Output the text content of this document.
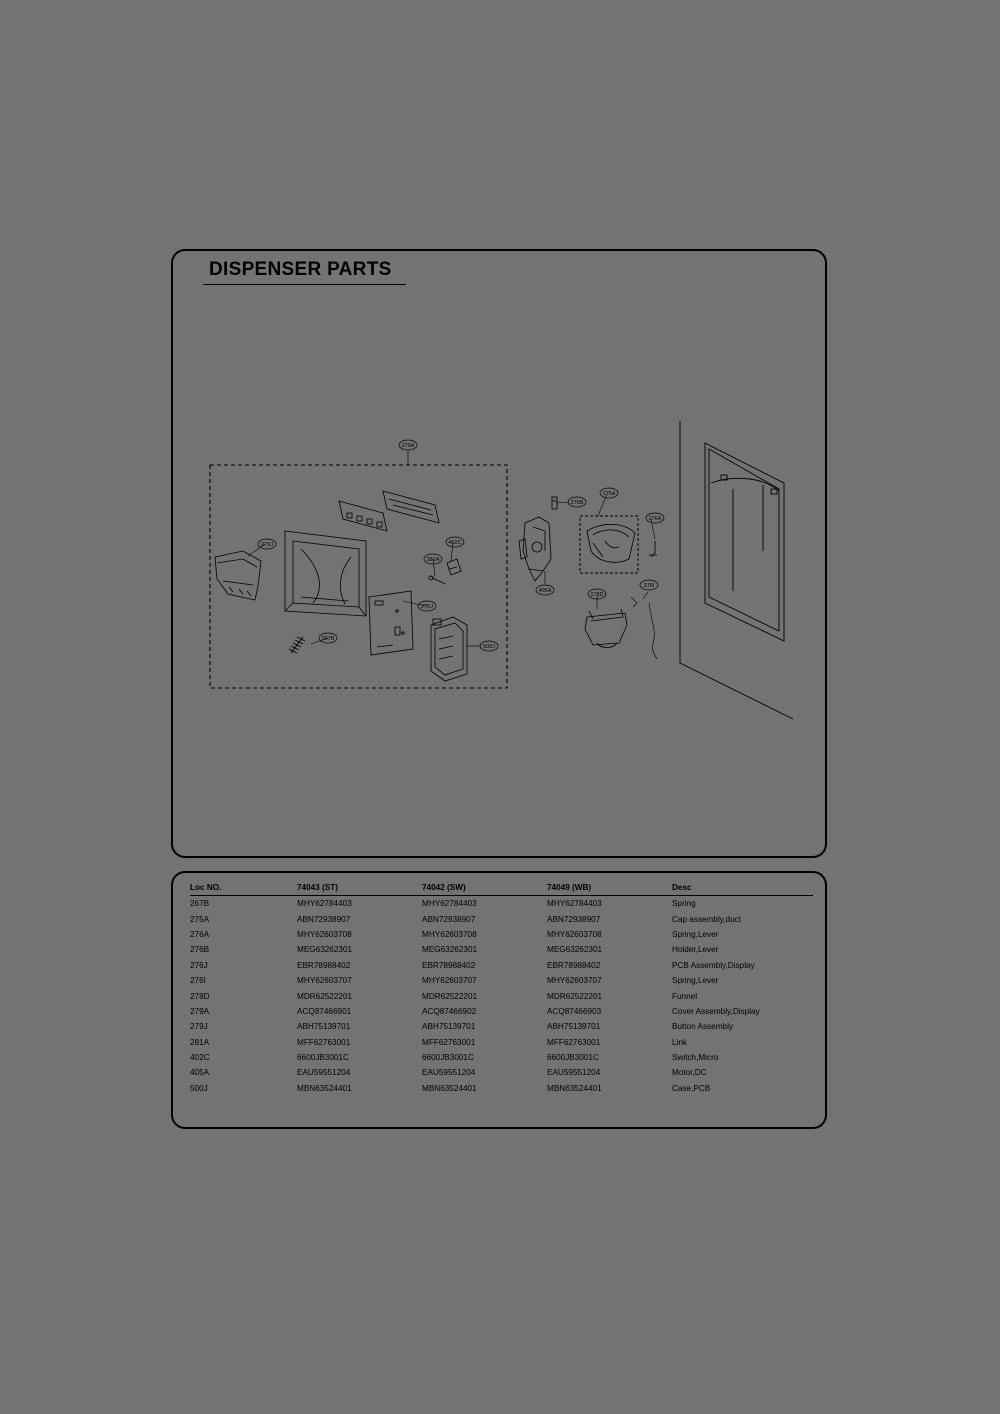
DISPENSER PARTS
279A
275A
276B
276A
279J	402C
281A
276J
500J
267B
405A
278D
276I
Loc NO.	74043 (ST)	74042 (SW)	74049 (WB)	Desc
267B	MHY62784403	MHY62784403	MHY62784403	Spring
275A	ABN72938907	ABN72938907	ABN72938907	Cap assembly,duct
276A	MHY62603708	MHY62603708	MHY62603708	Spring,Lever
276B	MEG63262301	MEG63262301	MEG63262301	Holder,Lever
276J	EBR78988402	EBR78988402	EBR78988402	PCB Assembly,Display
276I	MHY62603707	MHY62603707	MHY62603707	Spring,Lever
278D	MDR62522201	MDR62522201	MDR62522201	Funnel
279A	ACQ87466901	ACQ87466902	ACQ87466903	Cover Assembly,Display
279J	ABH75139701	ABH75139701	ABH75139701	Button Assembly
281A	MFF62763001	MFF62763001	MFF62763001	Link
402C	6600JB3001C	6600JB3001C	6600JB3001C	Switch,Micro
405A	EAU59551204	EAU59551204	EAU59551204	Motor,DC
500J	MBN63524401	MBN63524401	MBN63524401	Case,PCB
